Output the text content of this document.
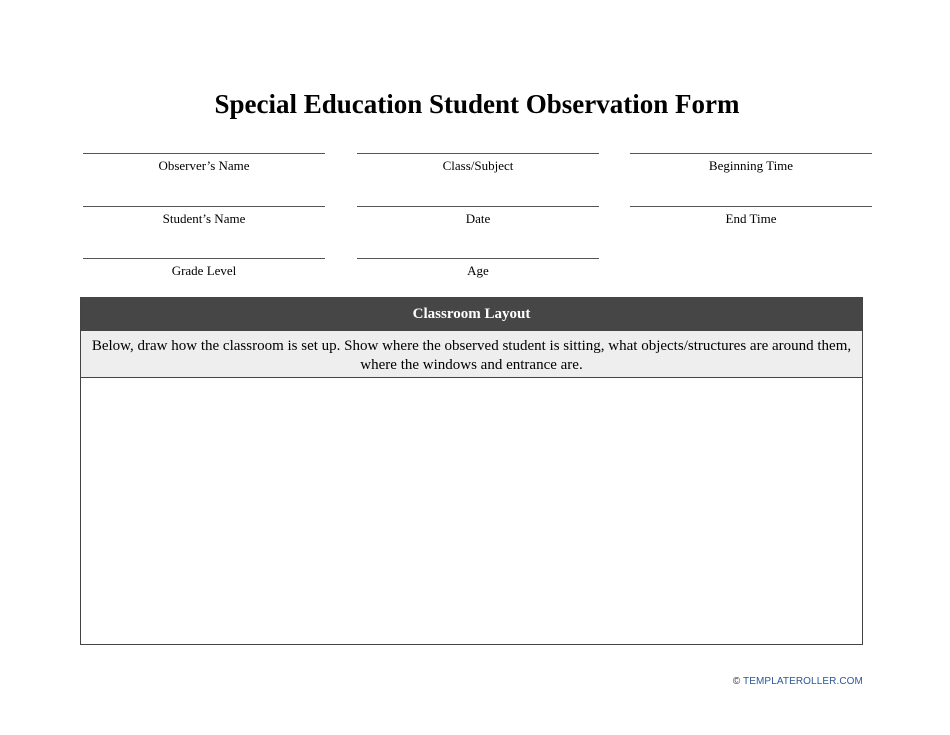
Special Education Student Observation Form
Observer’s Name	Class/Subject	Beginning Time
Student’s Name	Date	End Time
Grade Level	Age
Classroom Layout
Below, draw how the classroom is set up. Show where the observed student is sitting, what objects/structures are around them, where the windows and entrance are.
© TEMPLATEROLLER.COM
